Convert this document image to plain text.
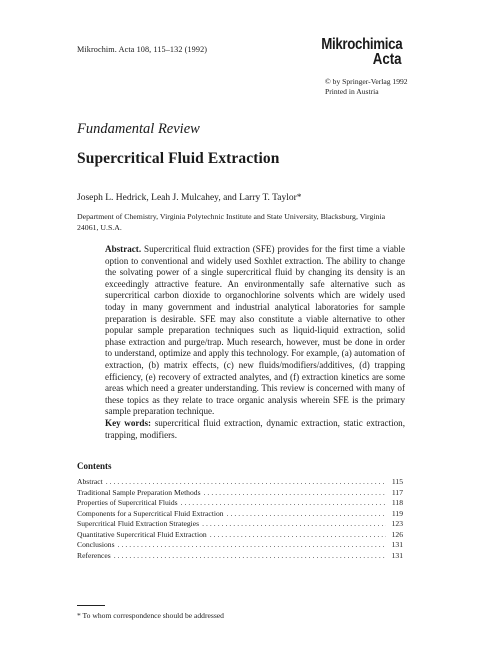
Mikrochim. Acta 108, 115–132 (1992)	Mikrochimica
Acta
© by Springer-Verlag 1992
Printed in Austria
Fundamental Review
Supercritical Fluid Extraction
Joseph L. Hedrick, Leah J. Mulcahey, and Larry T. Taylor*
Department of Chemistry, Virginia Polytechnic Institute and State University, Blacksburg, Virginia 24061, U.S.A.
Abstract. Supercritical fluid extraction (SFE) provides for the first time a viable option to conventional and widely used Soxhlet extraction. The ability to change the solvating power of a single supercritical fluid by changing its density is an exceedingly attractive feature. An environmentally safe alternative such as supercritical carbon dioxide to organochlorine solvents which are widely used today in many government and industrial analytical laboratories for sample preparation is desirable. SFE may also constitute a viable alternative to other popular sample preparation techniques such as liquid-liquid extraction, solid phase extraction and purge/trap. Much research, however, must be done in order to understand, optimize and apply this technology. For example, (a) automation of extraction, (b) matrix effects, (c) new fluids/modifiers/additives, (d) trapping efficiency, (e) recovery of extracted analytes, and (f) extraction kinetics are some areas which need a greater understanding. This review is concerned with many of these topics as they relate to trace organic analysis wherein SFE is the primary sample preparation technique.
Key words: supercritical fluid extraction, dynamic extraction, static extraction, trapping, modifiers.
Contents
Abstract .....	115
Traditional Sample Preparation Methods .....	117
Properties of Supercritical Fluids .....	118
Components for a Supercritical Fluid Extraction .....	119
Supercritical Fluid Extraction Strategies .....	123
Quantitative Supercritical Fluid Extraction .....	126
Conclusions .....	131
References .....	131
* To whom correspondence should be addressed
